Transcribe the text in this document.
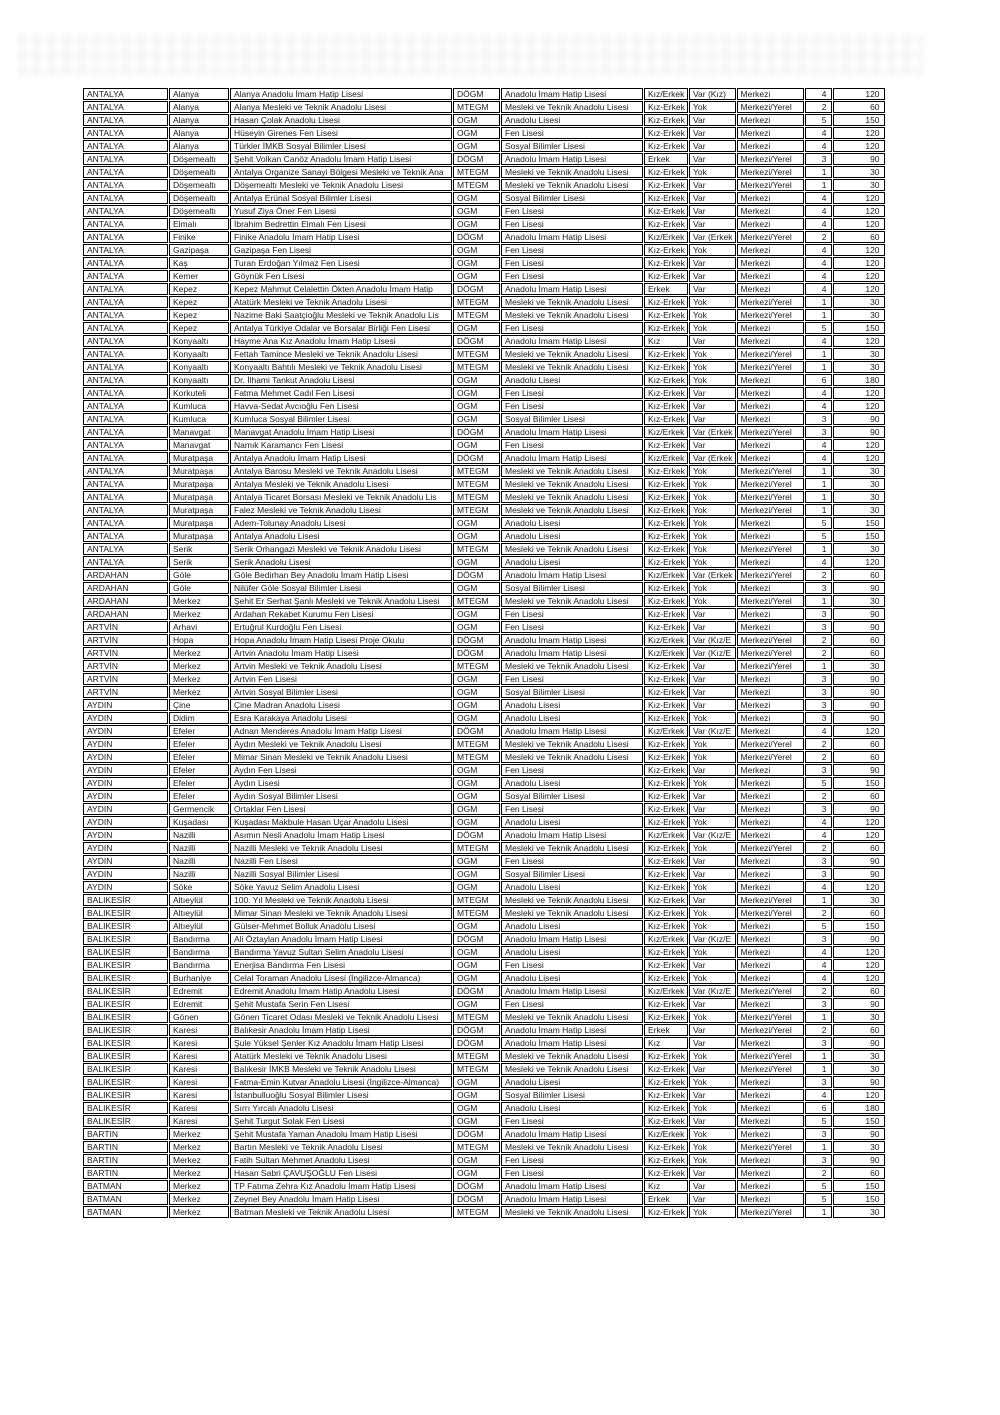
ANTALYA	Alanya	Alanya Anadolu İmam Hatip Lisesi	DÖGM	Anadolu İmam Hatip Lisesi	Kız/Erkek	Var (Kız)	Merkezi	4	120
ANTALYA	Alanya	Alanya Mesleki ve Teknik Anadolu Lisesi	MTEGM	Mesleki ve Teknik Anadolu Lisesi	Kız-Erkek	Yok	Merkezi/Yerel	2	60
ANTALYA	Alanya	Hasan Çolak Anadolu Lisesi	OGM	Anadolu Lisesi	Kız-Erkek	Var	Merkezi	5	150
ANTALYA	Alanya	Hüseyin Girenes Fen Lisesi	OGM	Fen Lisesi	Kız-Erkek	Var	Merkezi	4	120
ANTALYA	Alanya	Türkler İMKB Sosyal Bilimler Lisesi	OGM	Sosyal Bilimler Lisesi	Kız-Erkek	Var	Merkezi	4	120
ANTALYA	Döşemealtı	Şehit Volkan Canöz Anadolu İmam Hatip Lisesi	DÖGM	Anadolu İmam Hatip Lisesi	Erkek	Var	Merkezi/Yerel	3	90
ANTALYA	Döşemealtı	Antalya Organize Sanayi Bölgesi Mesleki ve Teknik Ana	MTEGM	Mesleki ve Teknik Anadolu Lisesi	Kız-Erkek	Yok	Merkezi/Yerel	1	30
ANTALYA	Döşemealtı	Döşemealtı Mesleki ve Teknik Anadolu Lisesi	MTEGM	Mesleki ve Teknik Anadolu Lisesi	Kız-Erkek	Var	Merkezi/Yerel	1	30
ANTALYA	Döşemealtı	Antalya Erünal Sosyal Bilimler Lisesi	OGM	Sosyal Bilimler Lisesi	Kız-Erkek	Var	Merkezi	4	120
ANTALYA	Döşemealtı	Yusuf Ziya Öner Fen Lisesi	OGM	Fen Lisesi	Kız-Erkek	Var	Merkezi	4	120
ANTALYA	Elmalı	İbrahim Bedrettin Elmalı Fen Lisesi	OGM	Fen Lisesi	Kız-Erkek	Var	Merkezi	4	120
ANTALYA	Finike	Finike Anadolu İmam Hatip Lisesi	DÖGM	Anadolu İmam Hatip Lisesi	Kız/Erkek	Var (Erkek	Merkezi/Yerel	2	60
ANTALYA	Gazipaşa	Gazipaşa Fen Lisesi	OGM	Fen Lisesi	Kız-Erkek	Yok	Merkezi	4	120
ANTALYA	Kaş	Turan Erdoğan Yılmaz Fen Lisesi	OGM	Fen Lisesi	Kız-Erkek	Var	Merkezi	4	120
ANTALYA	Kemer	Göynük Fen Lisesi	OGM	Fen Lisesi	Kız-Erkek	Var	Merkezi	4	120
ANTALYA	Kepez	Kepez Mahmut Celalettin Ökten Anadolu İmam Hatip	DÖGM	Anadolu İmam Hatip Lisesi	Erkek	Var	Merkezi	4	120
ANTALYA	Kepez	Atatürk Mesleki ve Teknik Anadolu Lisesi	MTEGM	Mesleki ve Teknik Anadolu Lisesi	Kız-Erkek	Yok	Merkezi/Yerel	1	30
ANTALYA	Kepez	Nazime Baki Saatçioğlu Mesleki ve Teknik Anadolu Lis	MTEGM	Mesleki ve Teknik Anadolu Lisesi	Kız-Erkek	Yok	Merkezi/Yerel	1	30
ANTALYA	Kepez	Antalya Türkiye Odalar ve Borsalar Birliği Fen Lisesi	OGM	Fen Lisesi	Kız-Erkek	Yok	Merkezi	5	150
ANTALYA	Konyaaltı	Hayme Ana Kız Anadolu İmam Hatip Lisesi	DÖGM	Anadolu İmam Hatip Lisesi	Kız	Var	Merkezi	4	120
ANTALYA	Konyaaltı	Fettah Tamince Mesleki ve Teknik Anadolu Lisesi	MTEGM	Mesleki ve Teknik Anadolu Lisesi	Kız-Erkek	Yok	Merkezi/Yerel	1	30
ANTALYA	Konyaaltı	Konyaaltı Bahtılı Mesleki ve Teknik Anadolu Lisesi	MTEGM	Mesleki ve Teknik Anadolu Lisesi	Kız-Erkek	Yok	Merkezi/Yerel	1	30
ANTALYA	Konyaaltı	Dr. İlhami Tankut Anadolu Lisesi	OGM	Anadolu Lisesi	Kız-Erkek	Yok	Merkezi	6	180
ANTALYA	Korkuteli	Fatma Mehmet Cadıl Fen Lisesi	OGM	Fen Lisesi	Kız-Erkek	Var	Merkezi	4	120
ANTALYA	Kumluca	Havva-Sedat Avcıoğlu Fen Lisesi	OGM	Fen Lisesi	Kız-Erkek	Var	Merkezi	4	120
ANTALYA	Kumluca	Kumluca Sosyal Bilimler Lisesi	OGM	Sosyal Bilimler Lisesi	Kız-Erkek	Var	Merkezi	3	90
ANTALYA	Manavgat	Manavgat Anadolu İmam Hatip Lisesi	DÖGM	Anadolu İmam Hatip Lisesi	Kız/Erkek	Var (Erkek	Merkezi/Yerel	3	90
ANTALYA	Manavgat	Namık Karamancı Fen Lisesi	OGM	Fen Lisesi	Kız-Erkek	Var	Merkezi	4	120
ANTALYA	Muratpaşa	Antalya Anadolu İmam Hatip Lisesi	DÖGM	Anadolu İmam Hatip Lisesi	Kız/Erkek	Var (Erkek	Merkezi	4	120
ANTALYA	Muratpaşa	Antalya Barosu Mesleki ve Teknik Anadolu Lisesi	MTEGM	Mesleki ve Teknik Anadolu Lisesi	Kız-Erkek	Yok	Merkezi/Yerel	1	30
ANTALYA	Muratpaşa	Antalya Mesleki ve Teknik Anadolu Lisesi	MTEGM	Mesleki ve Teknik Anadolu Lisesi	Kız-Erkek	Yok	Merkezi/Yerel	1	30
ANTALYA	Muratpaşa	Antalya Ticaret Borsası Mesleki ve Teknik Anadolu Lis	MTEGM	Mesleki ve Teknik Anadolu Lisesi	Kız-Erkek	Yok	Merkezi/Yerel	1	30
ANTALYA	Muratpaşa	Falez Mesleki ve Teknik Anadolu Lisesi	MTEGM	Mesleki ve Teknik Anadolu Lisesi	Kız-Erkek	Yok	Merkezi/Yerel	1	30
ANTALYA	Muratpaşa	Adem-Tolunay Anadolu Lisesi	OGM	Anadolu Lisesi	Kız-Erkek	Yok	Merkezi	5	150
ANTALYA	Muratpaşa	Antalya Anadolu Lisesi	OGM	Anadolu Lisesi	Kız-Erkek	Yok	Merkezi	5	150
ANTALYA	Serik	Serik Orhangazi Mesleki ve Teknik Anadolu Lisesi	MTEGM	Mesleki ve Teknik Anadolu Lisesi	Kız-Erkek	Yok	Merkezi/Yerel	1	30
ANTALYA	Serik	Serik Anadolu Lisesi	OGM	Anadolu Lisesi	Kız-Erkek	Yok	Merkezi	4	120
ARDAHAN	Göle	Göle Bedirhan Bey Anadolu İmam Hatip Lisesi	DÖGM	Anadolu İmam Hatip Lisesi	Kız/Erkek	Var (Erkek	Merkezi/Yerel	2	60
ARDAHAN	Göle	Nilüfer Göle Sosyal Bilimler Lisesi	OGM	Sosyal Bilimler Lisesi	Kız-Erkek	Yok	Merkezi	3	90
ARDAHAN	Merkez	Şehit Er Serhat Şanlı Mesleki ve Teknik Anadolu Lisesi	MTEGM	Mesleki ve Teknik Anadolu Lisesi	Kız-Erkek	Yok	Merkezi/Yerel	1	30
ARDAHAN	Merkez	Ardahan Rekabet Kurumu Fen Lisesi	OGM	Fen Lisesi	Kız-Erkek	Var	Merkezi	3	90
ARTVİN	Arhavi	Ertuğrul Kurdoğlu Fen Lisesi	OGM	Fen Lisesi	Kız-Erkek	Var	Merkezi	3	90
ARTVİN	Hopa	Hopa Anadolu İmam Hatip Lisesi Proje Okulu	DÖGM	Anadolu İmam Hatip Lisesi	Kız/Erkek	Var (Kız/E	Merkezi/Yerel	2	60
ARTVİN	Merkez	Artvin Anadolu İmam Hatip Lisesi	DÖGM	Anadolu İmam Hatip Lisesi	Kız/Erkek	Var (Kız/E	Merkezi/Yerel	2	60
ARTVİN	Merkez	Artvin Mesleki ve Teknik Anadolu Lisesi	MTEGM	Mesleki ve Teknik Anadolu Lisesi	Kız-Erkek	Var	Merkezi/Yerel	1	30
ARTVİN	Merkez	Artvin Fen Lisesi	OGM	Fen Lisesi	Kız-Erkek	Var	Merkezi	3	90
ARTVİN	Merkez	Artvin Sosyal Bilimler Lisesi	OGM	Sosyal Bilimler Lisesi	Kız-Erkek	Var	Merkezi	3	90
AYDIN	Çine	Çine Madran Anadolu Lisesi	OGM	Anadolu Lisesi	Kız-Erkek	Var	Merkezi	3	90
AYDIN	Didim	Esra Karakaya Anadolu Lisesi	OGM	Anadolu Lisesi	Kız-Erkek	Yok	Merkezi	3	90
AYDIN	Efeler	Adnan Menderes Anadolu İmam Hatip Lisesi	DÖGM	Anadolu İmam Hatip Lisesi	Kız/Erkek	Var (Kız/E	Merkezi	4	120
AYDIN	Efeler	Aydın Mesleki ve Teknik Anadolu Lisesi	MTEGM	Mesleki ve Teknik Anadolu Lisesi	Kız-Erkek	Yok	Merkezi/Yerel	2	60
AYDIN	Efeler	Mimar Sinan Mesleki ve Teknik Anadolu Lisesi	MTEGM	Mesleki ve Teknik Anadolu Lisesi	Kız-Erkek	Yok	Merkezi/Yerel	2	60
AYDIN	Efeler	Aydın Fen Lisesi	OGM	Fen Lisesi	Kız-Erkek	Var	Merkezi	3	90
AYDIN	Efeler	Aydın Lisesi	OGM	Anadolu Lisesi	Kız-Erkek	Yok	Merkezi	5	150
AYDIN	Efeler	Aydın Sosyal Bilimler Lisesi	OGM	Sosyal Bilimler Lisesi	Kız-Erkek	Var	Merkezi	2	60
AYDIN	Germencik	Ortaklar Fen Lisesi	OGM	Fen Lisesi	Kız-Erkek	Var	Merkezi	3	90
AYDIN	Kuşadası	Kuşadası Makbule Hasan Uçar Anadolu Lisesi	OGM	Anadolu Lisesi	Kız-Erkek	Yok	Merkezi	4	120
AYDIN	Nazilli	Asımın Nesli Anadolu İmam Hatip Lisesi	DÖGM	Anadolu İmam Hatip Lisesi	Kız/Erkek	Var (Kız/E	Merkezi	4	120
AYDIN	Nazilli	Nazilli Mesleki ve Teknik Anadolu Lisesi	MTEGM	Mesleki ve Teknik Anadolu Lisesi	Kız-Erkek	Yok	Merkezi/Yerel	2	60
AYDIN	Nazilli	Nazilli Fen Lisesi	OGM	Fen Lisesi	Kız-Erkek	Var	Merkezi	3	90
AYDIN	Nazilli	Nazilli Sosyal Bilimler Lisesi	OGM	Sosyal Bilimler Lisesi	Kız-Erkek	Var	Merkezi	3	90
AYDIN	Söke	Söke Yavuz Selim Anadolu Lisesi	OGM	Anadolu Lisesi	Kız-Erkek	Yok	Merkezi	4	120
BALIKESİR	Altıeylül	100. Yıl Mesleki ve Teknik Anadolu Lisesi	MTEGM	Mesleki ve Teknik Anadolu Lisesi	Kız-Erkek	Var	Merkezi/Yerel	1	30
BALIKESİR	Altıeylül	Mimar Sinan Mesleki ve Teknik Anadolu Lisesi	MTEGM	Mesleki ve Teknik Anadolu Lisesi	Kız-Erkek	Yok	Merkezi/Yerel	2	60
BALIKESİR	Altıeylül	Gülser-Mehmet Bolluk Anadolu Lisesi	OGM	Anadolu Lisesi	Kız-Erkek	Yok	Merkezi	5	150
BALIKESİR	Bandırma	Ali Öztaylan Anadolu İmam Hatip Lisesi	DÖGM	Anadolu İmam Hatip Lisesi	Kız/Erkek	Var (Kız/E	Merkezi	3	90
BALIKESİR	Bandırma	Bandırma Yavuz Sultan Selim Anadolu Lisesi	OGM	Anadolu Lisesi	Kız-Erkek	Yok	Merkezi	4	120
BALIKESİR	Bandırma	Enerjisa Bandırma Fen Lisesi	OGM	Fen Lisesi	Kız-Erkek	Var	Merkezi	4	120
BALIKESİR	Burhaniye	Celal Toraman Anadolu Lisesi (İngilizce-Almanca)	OGM	Anadolu Lisesi	Kız-Erkek	Yok	Merkezi	4	120
BALIKESİR	Edremit	Edremit Anadolu İmam Hatip Anadolu Lisesi	DÖGM	Anadolu İmam Hatip Lisesi	Kız/Erkek	Var (Kız/E	Merkezi/Yerel	2	60
BALIKESİR	Edremit	Şehit Mustafa Serin Fen Lisesi	OGM	Fen Lisesi	Kız-Erkek	Var	Merkezi	3	90
BALIKESİR	Gönen	Gönen Ticaret Odası Mesleki ve Teknik Anadolu Lisesi	MTEGM	Mesleki ve Teknik Anadolu Lisesi	Kız-Erkek	Yok	Merkezi/Yerel	1	30
BALIKESİR	Karesi	Balıkesir Anadolu İmam Hatip Lisesi	DÖGM	Anadolu İmam Hatip Lisesi	Erkek	Var	Merkezi/Yerel	2	60
BALIKESİR	Karesi	Şule Yüksel Şenler Kız Anadolu İmam Hatip Lisesi	DÖGM	Anadolu İmam Hatip Lisesi	Kız	Var	Merkezi	3	90
BALIKESİR	Karesi	Atatürk Mesleki ve Teknik Anadolu Lisesi	MTEGM	Mesleki ve Teknik Anadolu Lisesi	Kız-Erkek	Yok	Merkezi/Yerel	1	30
BALIKESİR	Karesi	Balıkesir İMKB Mesleki ve Teknik Anadolu Lisesi	MTEGM	Mesleki ve Teknik Anadolu Lisesi	Kız-Erkek	Var	Merkezi/Yerel	1	30
BALIKESİR	Karesi	Fatma-Emin Kutvar Anadolu Lisesi (İngilizce-Almanca)	OGM	Anadolu Lisesi	Kız-Erkek	Yok	Merkezi	3	90
BALIKESİR	Karesi	İstanbulluoğlu Sosyal Bilimler Lisesi	OGM	Sosyal Bilimler Lisesi	Kız-Erkek	Var	Merkezi	4	120
BALIKESİR	Karesi	Sırrı Yırcalı Anadolu Lisesi	OGM	Anadolu Lisesi	Kız-Erkek	Yok	Merkezi	6	180
BALIKESİR	Karesi	Şehit Turgut Solak Fen Lisesi	OGM	Fen Lisesi	Kız-Erkek	Var	Merkezi	5	150
BARTIN	Merkez	Şehit Mustafa Yaman Anadolu İmam Hatip Lisesi	DÖGM	Anadolu İmam Hatip Lisesi	Kız/Erkek	Yok	Merkezi	3	90
BARTIN	Merkez	Bartın Mesleki ve Teknik Anadolu Lisesi	MTEGM	Mesleki ve Teknik Anadolu Lisesi	Kız-Erkek	Yok	Merkezi/Yerel	1	30
BARTIN	Merkez	Fatih Sultan Mehmet Anadolu Lisesi	OGM	Fen Lisesi	Kız-Erkek	Yok	Merkezi	3	90
BARTIN	Merkez	Hasan Sabri ÇAVUŞOĞLU Fen Lisesi	OGM	Fen Lisesi	Kız-Erkek	Var	Merkezi	2	60
BATMAN	Merkez	TP Fatıma Zehra Kız Anadolu İmam Hatip Lisesi	DÖGM	Anadolu İmam Hatip Lisesi	Kız	Var	Merkezi	5	150
BATMAN	Merkez	Zeynel Bey Anadolu İmam Hatip Lisesi	DÖGM	Anadolu İmam Hatip Lisesi	Erkek	Var	Merkezi	5	150
BATMAN	Merkez	Batman Mesleki ve Teknik Anadolu Lisesi	MTEGM	Mesleki ve Teknik Anadolu Lisesi	Kız-Erkek	Yok	Merkezi/Yerel	1	30
